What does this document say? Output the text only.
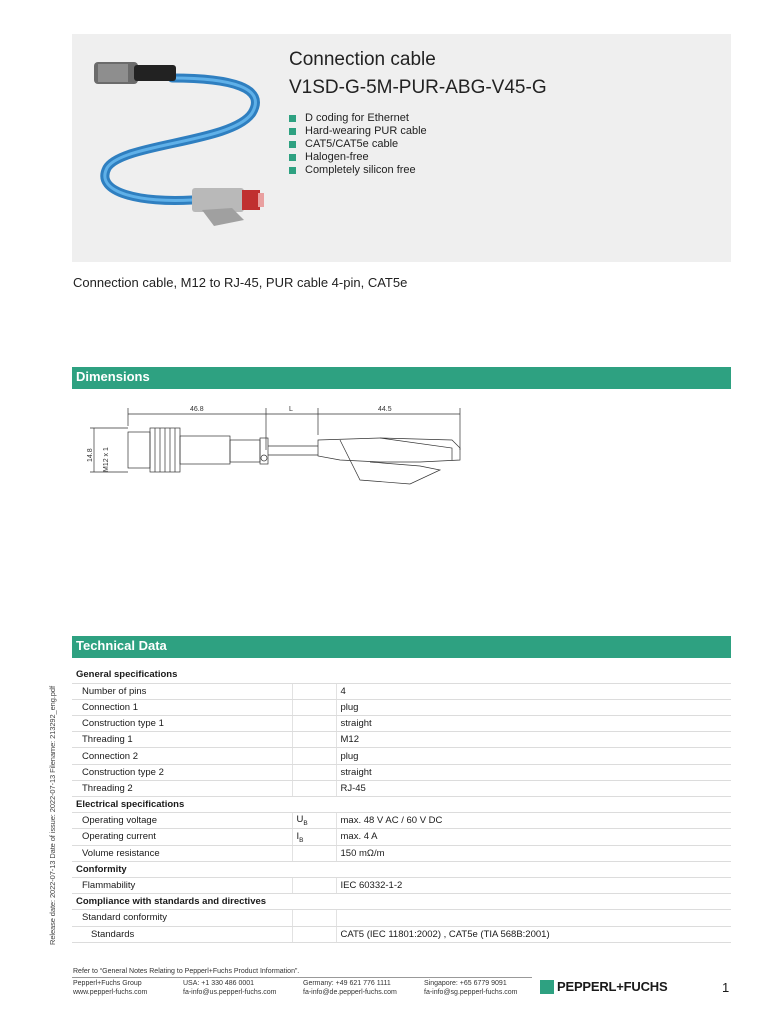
Connection cable
V1SD-G-5M-PUR-ABG-V45-G
D coding for Ethernet
Hard-wearing PUR cable
CAT5/CAT5e cable
Halogen-free
Completely silicon free
Connection cable, M12 to RJ-45, PUR cable 4-pin, CAT5e
Dimensions
46.8	L	44.5
14.8 M12 x 1
Technical Data
General specifications		
Number of pins		4
Connection 1		plug
Construction type 1		straight
Threading 1		M12
Connection 2		plug
Construction type 2		straight
Threading 2		RJ-45
Electrical specifications		
Operating voltage	$U_B$	max. 48 V AC / 60 V DC
Operating current	$I_B$	max. 4 A
Volume resistance		150 mΩ/m
Conformity		
Flammability		IEC 60332-1-2
Compliance with standards and directives		
Standard conformity		
Standards		CAT5 (IEC 11801:2002) , CAT5e (TIA 568B:2001)
Release date: 2022-07-13 Date of issue: 2022-07-13 Filename: 213292_eng.pdf
Refer to “General Notes Relating to Pepperl+Fuchs Product Information”.
Pepperl+Fuchs Group
www.pepperl-fuchs.com
USA: +1 330 486 0001
fa-info@us.pepperl-fuchs.com
Germany: +49 621 776 1111
fa-info@de.pepperl-fuchs.com
Singapore: +65 6779 9091
fa-info@sg.pepperl-fuchs.com	PEPPERL+FUCHS	1
